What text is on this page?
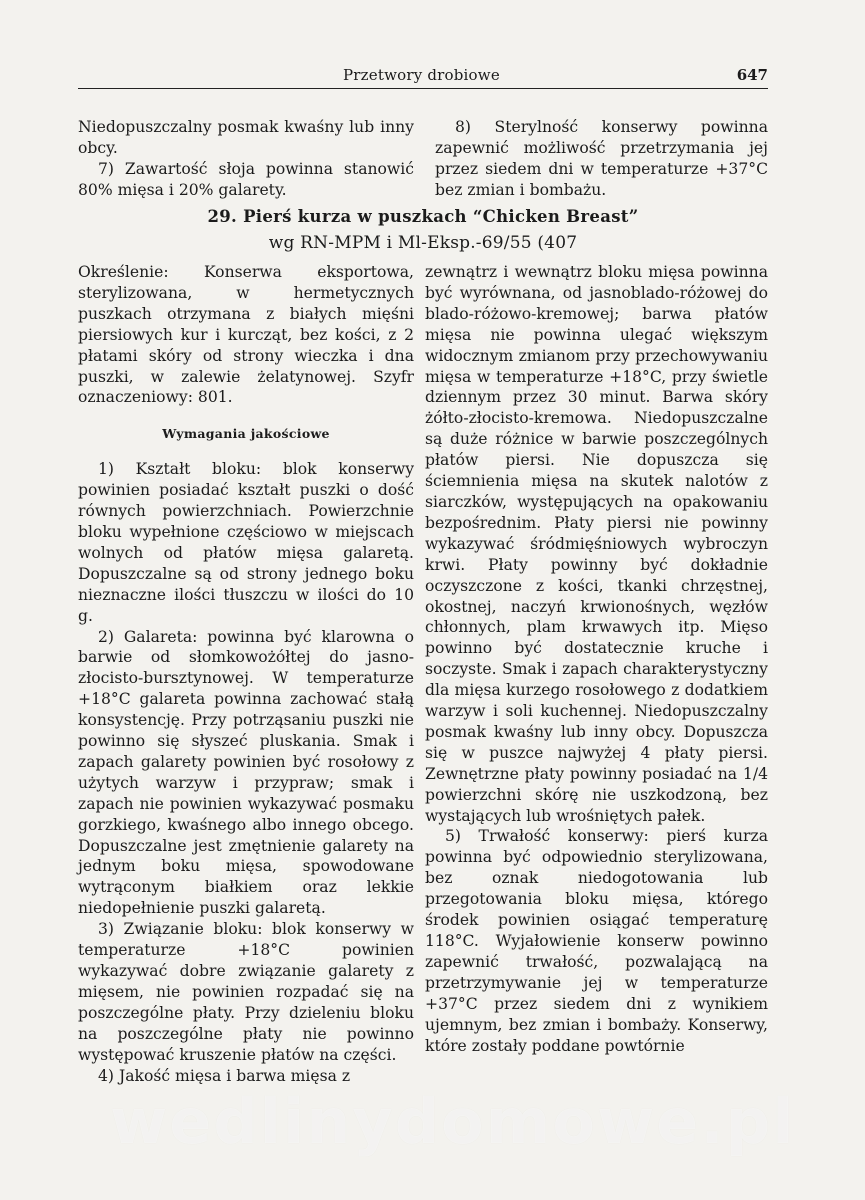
Przetwory drobiowe	647

Niedopuszczalny posmak kwaśny lub inny obcy.

7) Zawartość słoja powinna stanowić 80% mięsa i 20% galarety.

8) Sterylność konserwy powinna zapewnić możliwość przetrzymania jej przez siedem dni w temperaturze +37°C bez zmian i bombażu.

29. Pierś kurza w puszkach “Chicken Breast”
wg RN-MPM i Ml-Eksp.-69/55 (407

Określenie: Konserwa eksportowa, sterylizowana, w hermetycznych puszkach otrzymana z białych mięśni piersiowych kur i kurcząt, bez kości, z 2 płatami skóry od strony wieczka i dna puszki, w zalewie żelatynowej. Szyfr oznaczeniowy: 801.

Wymagania jakościowe

1) Kształt bloku: blok konserwy powinien posiadać kształt puszki o dość równych powierzchniach. Powierzchnie bloku wypełnione częściowo w miejscach wolnych od płatów mięsa galaretą. Dopuszczalne są od strony jednego boku nieznaczne ilości tłuszczu w ilości do 10 g.

2) Galareta: powinna być klarowna o barwie od słomkowożółtej do jasno-złocisto-bursztynowej. W temperaturze +18°C galareta powinna zachować stałą konsystencję. Przy potrząsaniu puszki nie powinno się słyszeć pluskania. Smak i zapach galarety powinien być rosołowy z użytych warzyw i przypraw; smak i zapach nie powinien wykazywać posmaku gorzkiego, kwaśnego albo innego obcego. Dopuszczalne jest zmętnienie galarety na jednym boku mięsa, spowodowane wytrąconym białkiem oraz lekkie niedopełnienie puszki galaretą.

3) Związanie bloku: blok konserwy w temperaturze +18°C powinien wykazywać dobre związanie galarety z mięsem, nie powinien rozpadać się na poszczególne płaty. Przy dzieleniu bloku na poszczególne płaty nie powinno występować kruszenie płatów na części.

4) Jakość mięsa i barwa mięsa z

zewnątrz i wewnątrz bloku mięsa powinna być wyrównana, od jasnoblado-różowej do blado-różowo-kremowej; barwa płatów mięsa nie powinna ulegać większym widocznym zmianom przy przechowywaniu mięsa w temperaturze +18°C, przy świetle dziennym przez 30 minut. Barwa skóry żółto-złocisto-kremowa. Niedopuszczalne są duże różnice w barwie poszczególnych płatów piersi. Nie dopuszcza się ściemnienia mięsa na skutek nalotów z siarczków, występujących na opakowaniu bezpośrednim. Płaty piersi nie powinny wykazywać śródmięśniowych wybroczyn krwi. Płaty powinny być dokładnie oczyszczone z kości, tkanki chrzęstnej, okostnej, naczyń krwionośnych, węzłów chłonnych, plam krwawych itp. Mięso powinno być dostatecznie kruche i soczyste. Smak i zapach charakterystyczny dla mięsa kurzego rosołowego z dodatkiem warzyw i soli kuchennej. Niedopuszczalny posmak kwaśny lub inny obcy. Dopuszcza się w puszce najwyżej 4 płaty piersi. Zewnętrzne płaty powinny posiadać na 1/4 powierzchni skórę nie uszkodzoną, bez wystających lub wrośniętych pałek.

5) Trwałość konserwy: pierś kurza powinna być odpowiednio sterylizowana, bez oznak niedogotowania lub przegotowania bloku mięsa, którego środek powinien osiągać temperaturę 118°C. Wyjałowienie konserw powinno zapewnić trwałość, pozwalającą na przetrzymywanie jej w temperaturze +37°C przez siedem dni z wynikiem ujemnym, bez zmian i bombaży. Konserwy, które zostały poddane powtórnie

wedlinydomowe.pl
